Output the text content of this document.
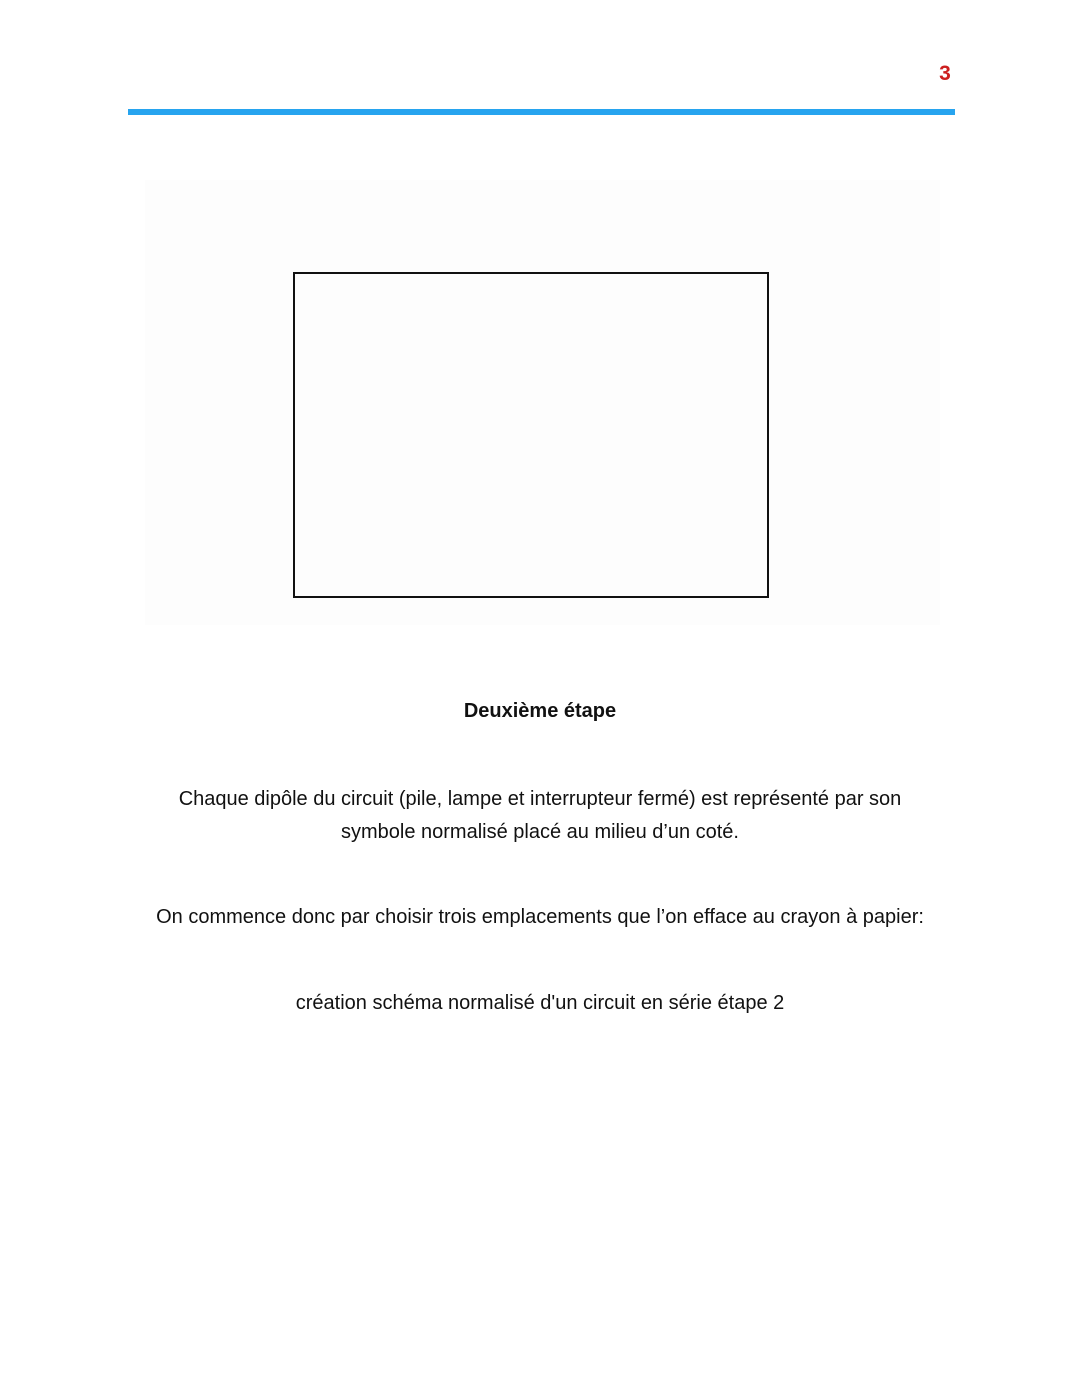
3
Deuxième étape
Chaque dipôle du circuit (pile, lampe et interrupteur fermé) est représenté par son
symbole normalisé placé au milieu d’un coté.
On commence donc par choisir trois emplacements que l’on efface au crayon à papier:
création schéma normalisé d'un circuit en série étape 2
